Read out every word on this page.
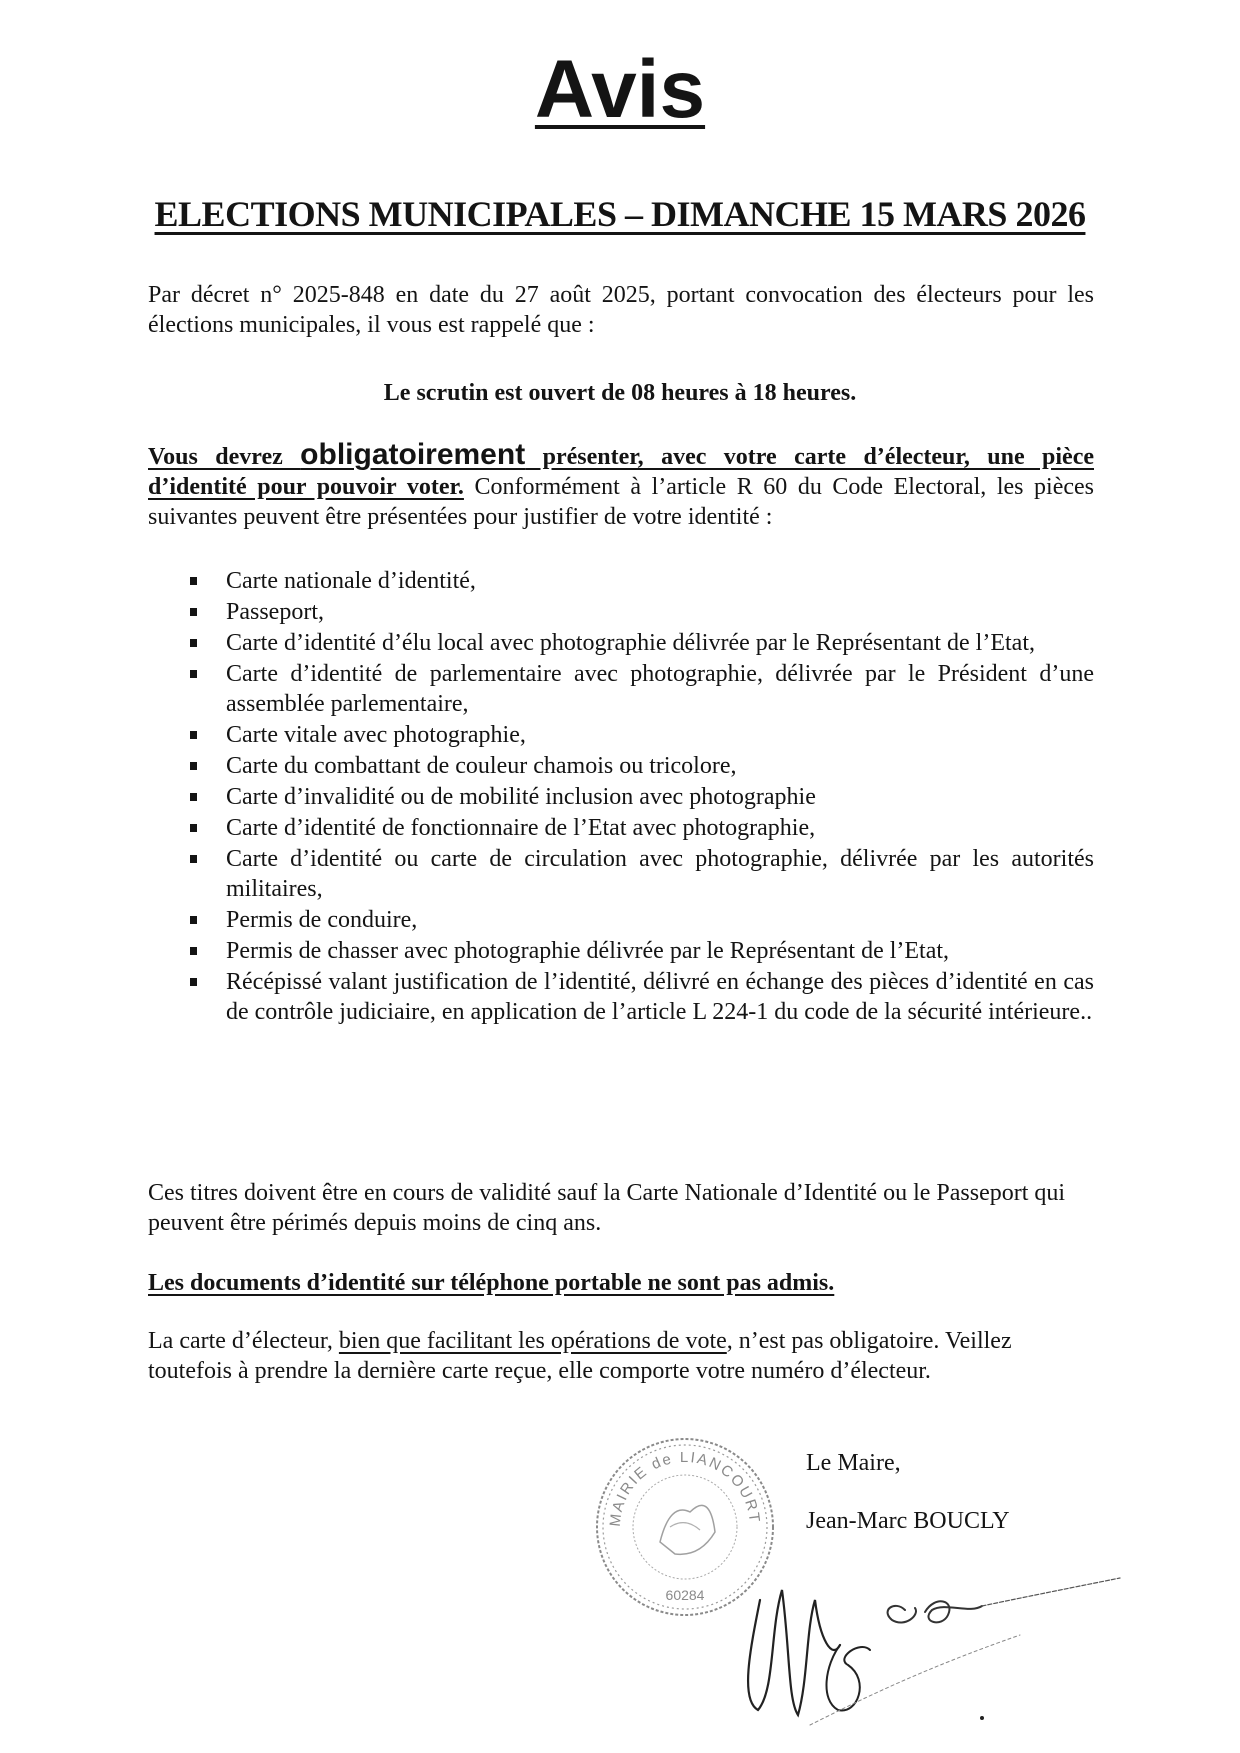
Avis
ELECTIONS MUNICIPALES – DIMANCHE 15 MARS 2026
Par décret n° 2025-848 en date du 27 août 2025, portant convocation des électeurs pour les élections municipales, il vous est rappelé que :
Le scrutin est ouvert de 08 heures à 18 heures.
Vous devrez obligatoirement présenter, avec votre carte d’électeur, une pièce d’identité pour pouvoir voter. Conformément à l’article R 60 du Code Electoral, les pièces suivantes peuvent être présentées pour justifier de votre identité :
Carte nationale d’identité,
Passeport,
Carte d’identité d’élu local avec photographie délivrée par le Représentant de l’Etat,
Carte d’identité de parlementaire avec photographie, délivrée par le Président d’une assemblée parlementaire,
Carte vitale avec photographie,
Carte du combattant de couleur chamois ou tricolore,
Carte d’invalidité ou de mobilité inclusion avec photographie
Carte d’identité de fonctionnaire de l’Etat avec photographie,
Carte d’identité ou carte de circulation avec photographie, délivrée par les autorités militaires,
Permis de conduire,
Permis de chasser avec photographie délivrée par le Représentant de l’Etat,
Récépissé valant justification de l’identité, délivré en échange des pièces d’identité en cas de contrôle judiciaire, en application de l’article L 224-1 du code de la sécurité intérieure..
Ces titres doivent être en cours de validité sauf la Carte Nationale d’Identité ou le Passeport qui peuvent être périmés depuis moins de cinq ans.
Les documents d’identité sur téléphone portable ne sont pas admis.
La carte d’électeur, bien que facilitant les opérations de vote, n’est pas obligatoire. Veillez toutefois à prendre la dernière carte reçue, elle comporte votre numéro d’électeur.
Le Maire,
Jean-Marc BOUCLY
MAIRIE de LIANCOURT
60284
